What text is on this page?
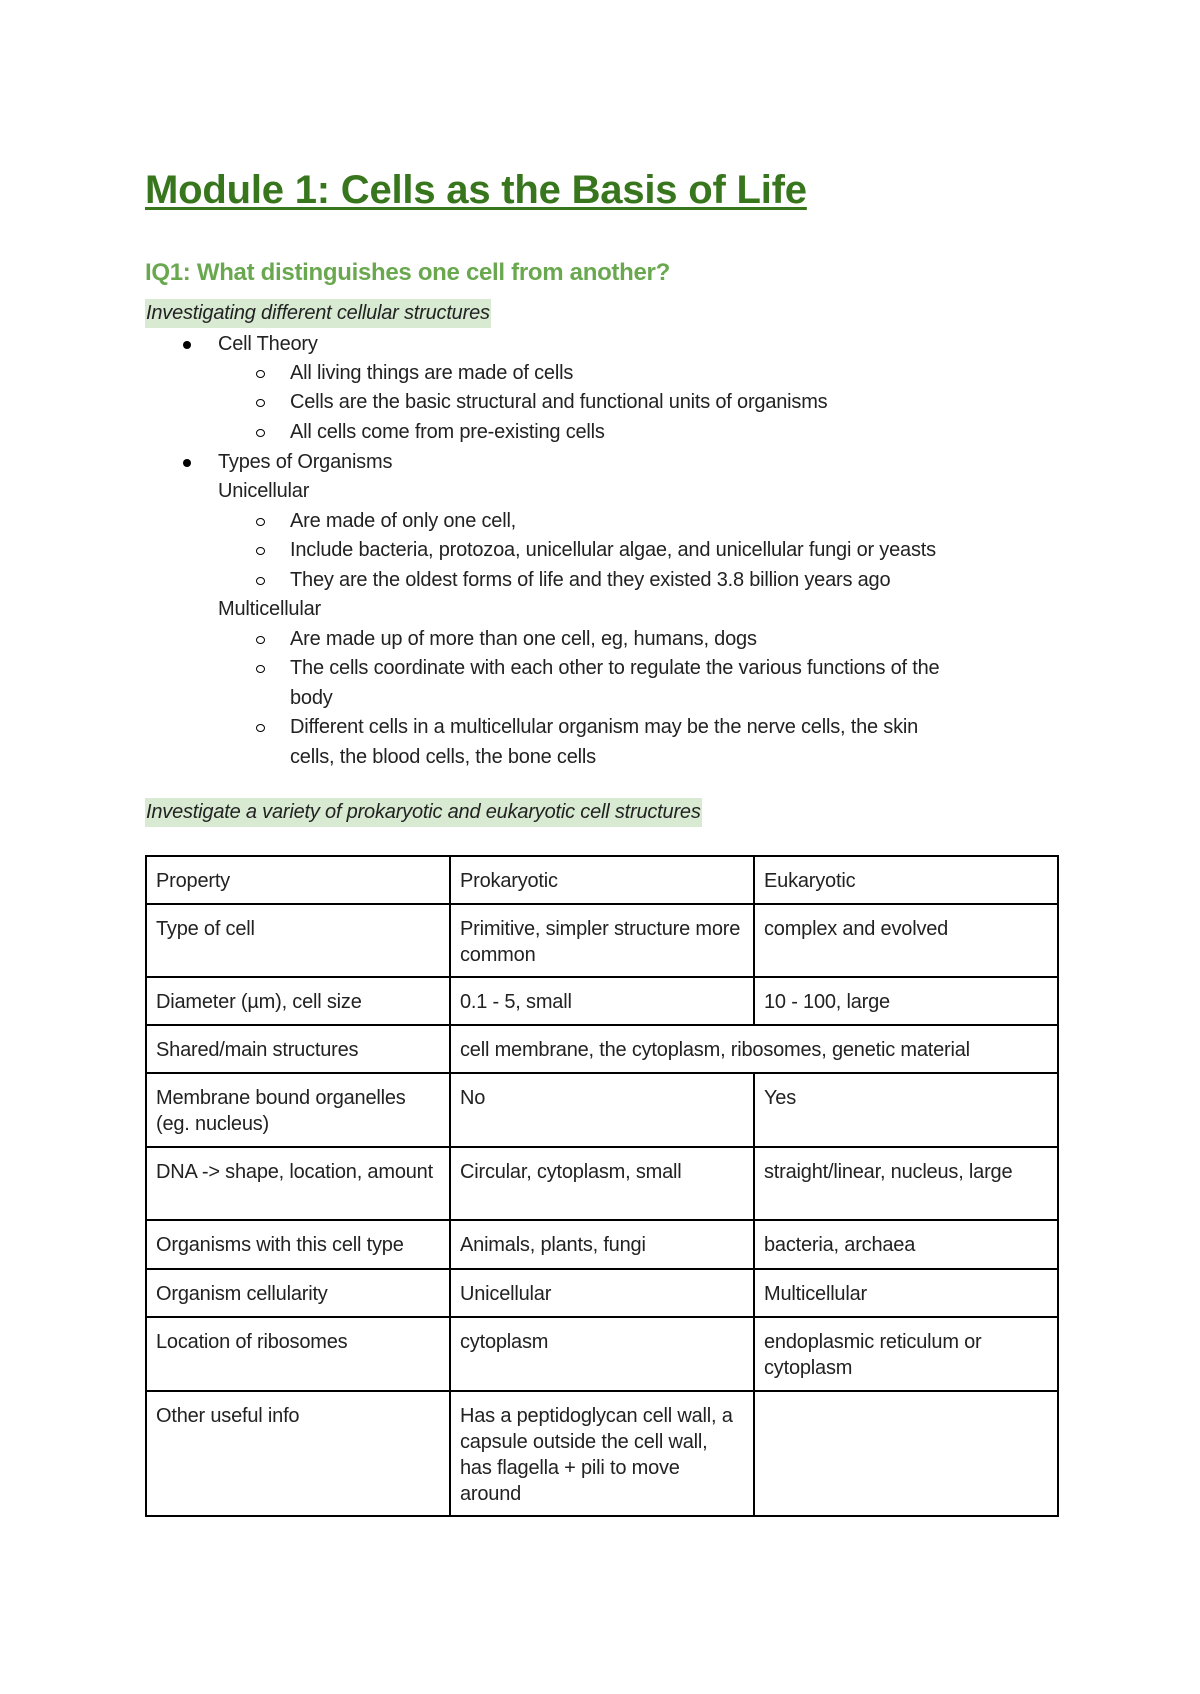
Module 1: Cells as the Basis of Life
IQ1: What distinguishes one cell from another?
Investigating different cellular structures
Cell Theory
All living things are made of cells
Cells are the basic structural and functional units of organisms
All cells come from pre-existing cells
Types of Organisms
Unicellular
Are made of only one cell,
Include bacteria, protozoa, unicellular algae, and unicellular fungi or yeasts
They are the oldest forms of life and they existed 3.8 billion years ago
Multicellular
Are made up of more than one cell, eg, humans, dogs
The cells coordinate with each other to regulate the various functions of the
body
Different cells in a multicellular organism may be the nerve cells, the skin
cells, the blood cells, the bone cells
Investigate a variety of prokaryotic and eukaryotic cell structures
Property	Prokaryotic	Eukaryotic
Type of cell	Primitive, simpler structure more common	complex and evolved
Diameter (µm), cell size	0.1 - 5, small	10 - 100, large
Shared/main structures	cell membrane, the cytoplasm, ribosomes, genetic material	
Membrane bound organelles (eg. nucleus)	No	Yes
DNA -> shape, location, amount	Circular, cytoplasm, small	straight/linear, nucleus, large
Organisms with this cell type	Animals, plants, fungi	bacteria, archaea
Organism cellularity	Unicellular	Multicellular
Location of ribosomes	cytoplasm	endoplasmic reticulum or cytoplasm
Other useful info	Has a peptidoglycan cell wall, a capsule outside the cell wall, has flagella + pili to move around	
